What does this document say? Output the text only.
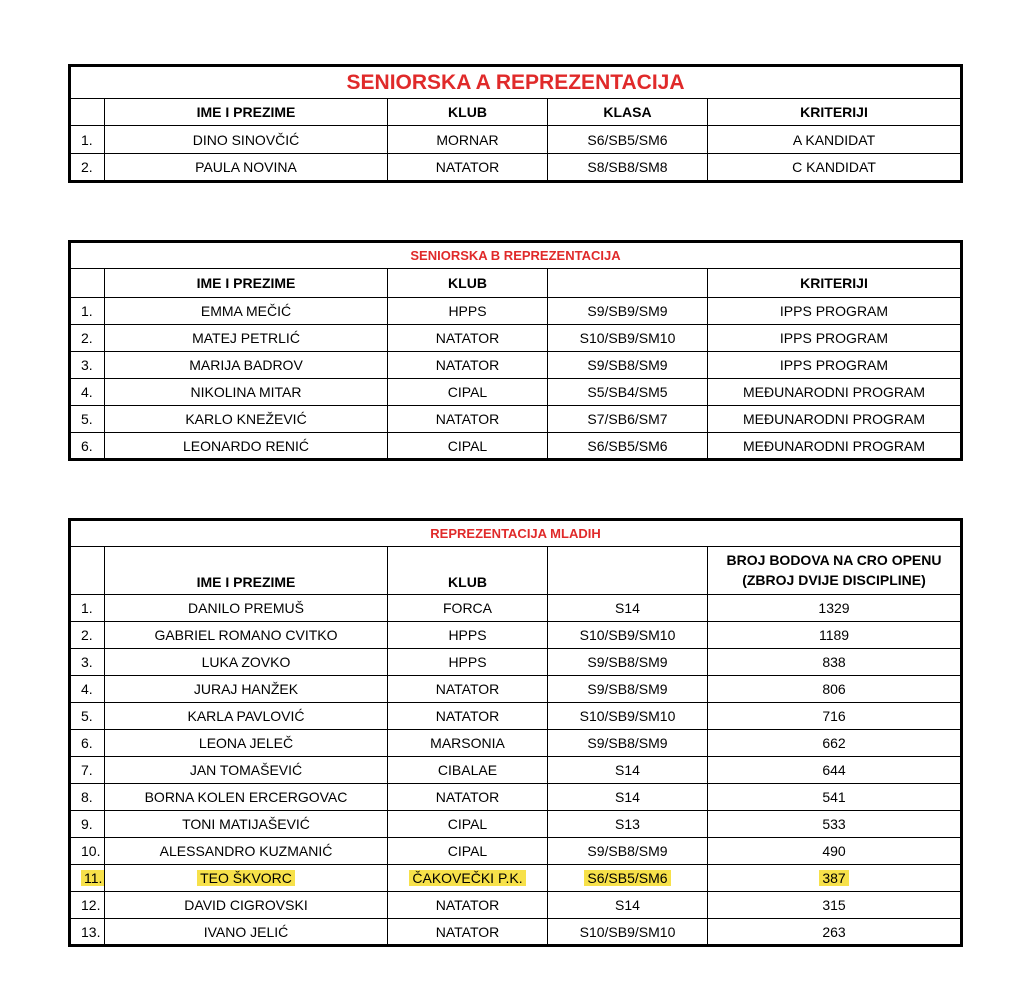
SENIORSKA A REPREZENTACIJA				
	IME I PREZIME	KLUB	KLASA	KRITERIJI
1.	DINO SINOVČIĆ	MORNAR	S6/SB5/SM6	A KANDIDAT
2.	PAULA NOVINA	NATATOR	S8/SB8/SM8	C KANDIDAT
SENIORSKA B REPREZENTACIJA				
	IME I PREZIME	KLUB		KRITERIJI
1.	EMMA MEČIĆ	HPPS	S9/SB9/SM9	IPPS PROGRAM
2.	MATEJ PETRLIĆ	NATATOR	S10/SB9/SM10	IPPS PROGRAM
3.	MARIJA BADROV	NATATOR	S9/SB8/SM9	IPPS PROGRAM
4.	NIKOLINA MITAR	CIPAL	S5/SB4/SM5	MEĐUNARODNI PROGRAM
5.	KARLO KNEŽEVIĆ	NATATOR	S7/SB6/SM7	MEĐUNARODNI PROGRAM
6.	LEONARDO RENIĆ	CIPAL	S6/SB5/SM6	MEĐUNARODNI PROGRAM
REPREZENTACIJA MLADIH				
	IME I PREZIME	KLUB		BROJ BODOVA NA CRO OPENU
(ZBROJ DVIJE DISCIPLINE)

1.	DANILO PREMUŠ	FORCA	S14	1329
2.	GABRIEL ROMANO CVITKO	HPPS	S10/SB9/SM10	1189
3.	LUKA ZOVKO	HPPS	S9/SB8/SM9	838
4.	JURAJ HANŽEK	NATATOR	S9/SB8/SM9	806
5.	KARLA PAVLOVIĆ	NATATOR	S10/SB9/SM10	716
6.	LEONA JELEČ	MARSONIA	S9/SB8/SM9	662
7.	JAN TOMAŠEVIĆ	CIBALAE	S14	644
8.	BORNA KOLEN ERCERGOVAC	NATATOR	S14	541
9.	TONI MATIJAŠEVIĆ	CIPAL	S13	533
10.	ALESSANDRO KUZMANIĆ	CIPAL	S9/SB8/SM9	490
11.	TEO ŠKVORC	ČAKOVEČKI P.K.	S6/SB5/SM6	387
12.	DAVID CIGROVSKI	NATATOR	S14	315
13.	IVANO JELIĆ	NATATOR	S10/SB9/SM10	263
